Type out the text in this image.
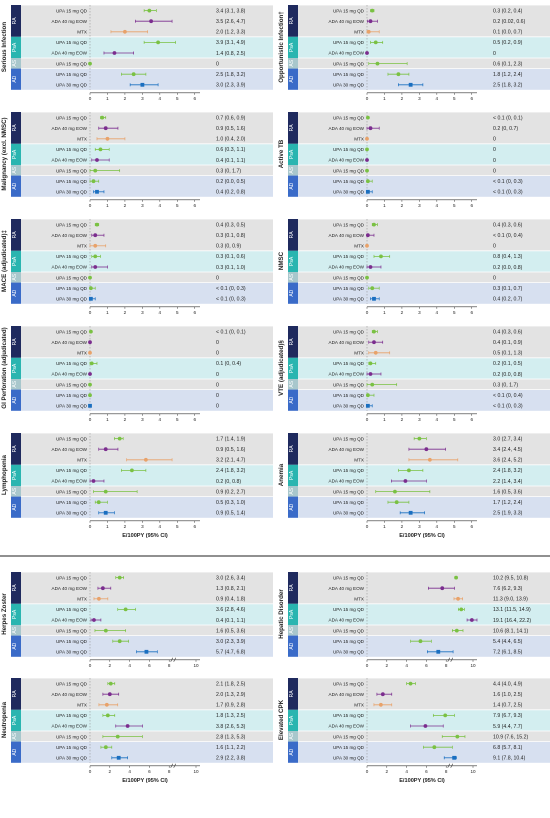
Serious Infection
RA
PsA
AS
AD
UPA 15 mg QD	3.4 (3.1, 3.8)
ADA 40 mg EOW	3.5 (2.6, 4.7)
MTX	2.0 (1.2, 3.3)
UPA 15 mg QD	3.9 (3.1, 4.9)
ADA 40 mg EOW	1.4 (0.8, 2.5)
UPA 15 mg QD	0
UPA 15 mg QD	2.5 (1.8, 3.2)
UPA 30 mg QD	3.0 (2.3, 3.9)
0	1	2	3	4	5	6
Opportunistic Infection† RA
PsA
AS
AD
UPA 15 mg QD	0.3 (0.2, 0.4)
ADA 40 mg EOW	0.2 (0.02, 0.6)
MTX	0.1 (0.0, 0.7)
UPA 15 mg QD	0.5 (0.2, 0.9)
ADA 40 mg EOW	0
UPA 15 mg QD	0.6 (0.1, 2.3)
UPA 15 mg QD	1.8 (1.2, 2.4)
UPA 30 mg QD	2.5 (1.8, 3.2)
0	1	2	3	4	5	6
Malignancy (excl. NMSC) RA
PsA
AS
AD
UPA 15 mg QD	0.7 (0.6, 0.9)
ADA 40 mg EOW	0.9 (0.5, 1.6)
MTX	1.0 (0.4, 2.0)
UPA 15 mg QD	0.6 (0.3, 1.1)
ADA 40 mg EOW	0.4 (0.1, 1.1)
UPA 15 mg QD	0.3 (0, 1.7)
UPA 15 mg QD	0.2 (0.0, 0.5)
UPA 30 mg QD	0.4 (0.2, 0.8)
0	1	2	3	4	5	6
Active TB
RA
PsA
AS
AD
UPA 15 mg QD	< 0.1 (0, 0.1)
ADA 40 mg EOW	0.2 (0, 0.7)
MTX	0
UPA 15 mg QD	0
ADA 40 mg EOW	0
UPA 15 mg QD	0
UPA 15 mg QD	< 0.1 (0, 0.3)
UPA 30 mg QD	< 0.1 (0, 0.3)
0	1	2	3	4	5	6
MACE (adjudicated)‡ RA
PsA
AS
AD
UPA 15 mg QD	0.4 (0.3, 0.5)
ADA 40 mg EOW	0.3 (0.1, 0.8)
MTX	0.3 (0, 0.9)
UPA 15 mg QD	0.3 (0.1, 0.6)
ADA 40 mg EOW	0.3 (0.1, 1.0)
UPA 15 mg QD	0
UPA 15 mg QD	< 0.1 (0, 0.3)
UPA 30 mg QD	< 0.1 (0, 0.3)
0	1	2	3	4	5	6
NMSC
RA
PsA
AS
AD
UPA 15 mg QD	0.4 (0.3, 0.6)
ADA 40 mg EOW	< 0.1 (0, 0.4)
MTX	0
UPA 15 mg QD	0.8 (0.4, 1.3)
ADA 40 mg EOW	0.2 (0.0, 0.8)
UPA 15 mg QD	0
UPA 15 mg QD	0.3 (0.1, 0.7)
UPA 30 mg QD	0.4 (0.2, 0.7)
0	1	2	3	4	5	6
GI Perforation (adjudicated) RA
PsA
AS
AD
UPA 15 mg QD	< 0.1 (0, 0.1)
ADA 40 mg EOW	0
MTX	0
UPA 15 mg QD	0.1 (0, 0.4)
ADA 40 mg EOW	0
UPA 15 mg QD	0
UPA 15 mg QD	0
UPA 30 mg QD	0
0	1	2	3	4	5	6
VTE (adjudicated)§ RA
PsA
AS
AD
UPA 15 mg QD	0.4 (0.3, 0.6)
ADA 40 mg EOW	0.4 (0.1, 0.9)
MTX	0.5 (0.1, 1.3)
UPA 15 mg QD	0.2 (0.1, 0.5)
ADA 40 mg EOW	0.2 (0.0, 0.8)
UPA 15 mg QD	0.3 (0, 1.7)
UPA 15 mg QD	< 0.1 (0, 0.4)
UPA 30 mg QD	< 0.1 (0, 0.3)
0	1	2	3	4	5	6
Lymphopenia
RA
PsA
AS
AD
UPA 15 mg QD	1.7 (1.4, 1.9)
ADA 40 mg EOW	0.9 (0.5, 1.6)
MTX	3.2 (2.1, 4.7)
UPA 15 mg QD	2.4 (1.8, 3.2)
ADA 40 mg EOW	0.2 (0, 0.8)
UPA 15 mg QD	0.9 (0.2, 2.7)
UPA 15 mg QD	0.5 (0.3, 1.0)
UPA 30 mg QD	0.9 (0.5, 1.4)
0	1	2	3	4	5	6
E/100PY (95% CI)
Anemia
RA
PsA
AS
AD
UPA 15 mg QD	3.0 (2.7, 3.4)
ADA 40 mg EOW	3.4 (2.4, 4.5)
MTX	3.6 (2.4, 5.2)
UPA 15 mg QD	2.4 (1.8, 3.2)
ADA 40 mg EOW	2.2 (1.4, 3.4)
UPA 15 mg QD	1.6 (0.5, 3.6)
UPA 15 mg QD	1.7 (1.2, 2.4)
UPA 30 mg QD	2.5 (1.9, 3.3)
0	1	2	3	4	5	6
E/100PY (95% CI)
Herpes Zoster
RA
PsA
AS
AD
UPA 15 mg QD	3.0 (2.6, 3.4)
ADA 40 mg EOW	1.3 (0.8, 2.1)
MTX	0.9 (0.4, 1.8)
UPA 15 mg QD	3.6 (2.8, 4.6)
ADA 40 mg EOW	0.4 (0.1, 1.1)
UPA 15 mg QD	1.6 (0.5, 3.6)
UPA 15 mg QD	3.0 (2.3, 3.9)
UPA 30 mg QD	5.7 (4.7, 6.8)
0	2	4	6	8	10
Hepatic Disorder
RA
PsA
AS
AD
UPA 15 mg QD	10.2 (9.5, 10.8)
ADA 40 mg EOW	7.6 (6.2, 9.3)
MTX	11.3 (9.0, 13.9)
UPA 15 mg QD	13.1 (11.5, 14.9)
ADA 40 mg EOW	19.1 (16.4, 22.2)
UPA 15 mg QD	10.6 (8.1, 14.1)
UPA 15 mg QD	5.4 (4.4, 6.5)
UPA 30 mg QD	7.2 (6.1, 8.5)
0	2	4	6	8	10
Neutropenia
RA
PsA
AS
AD
UPA 15 mg QD	2.1 (1.8, 2.5)
ADA 40 mg EOW	2.0 (1.3, 2.9)
MTX	1.7 (0.9, 2.8)
UPA 15 mg QD	1.8 (1.3, 2.5)
ADA 40 mg EOW	3.8 (2.6, 5.3)
UPA 15 mg QD	2.8 (1.3, 5.3)
UPA 15 mg QD	1.6 (1.1, 2.2)
UPA 30 mg QD	2.9 (2.2, 3.8)
0	2	4	6	8	10
E/100PY (95% CI)
Elevated CPK
RA
PsA
AS
AD
UPA 15 mg QD	4.4 (4.0, 4.9)
ADA 40 mg EOW	1.6 (1.0, 2.5)
MTX	1.4 (0.7, 2.5)
UPA 15 mg QD	7.9 (6.7, 9.3)
ADA 40 mg EOW	5.9 (4.4, 7.7)
UPA 15 mg QD	10.9 (7.6, 15.2)
UPA 15 mg QD	6.8 (5.7, 8.1)
UPA 30 mg QD	9.1 (7.8, 10.4)
0	2	4	6	8	10
E/100PY (95% CI)
